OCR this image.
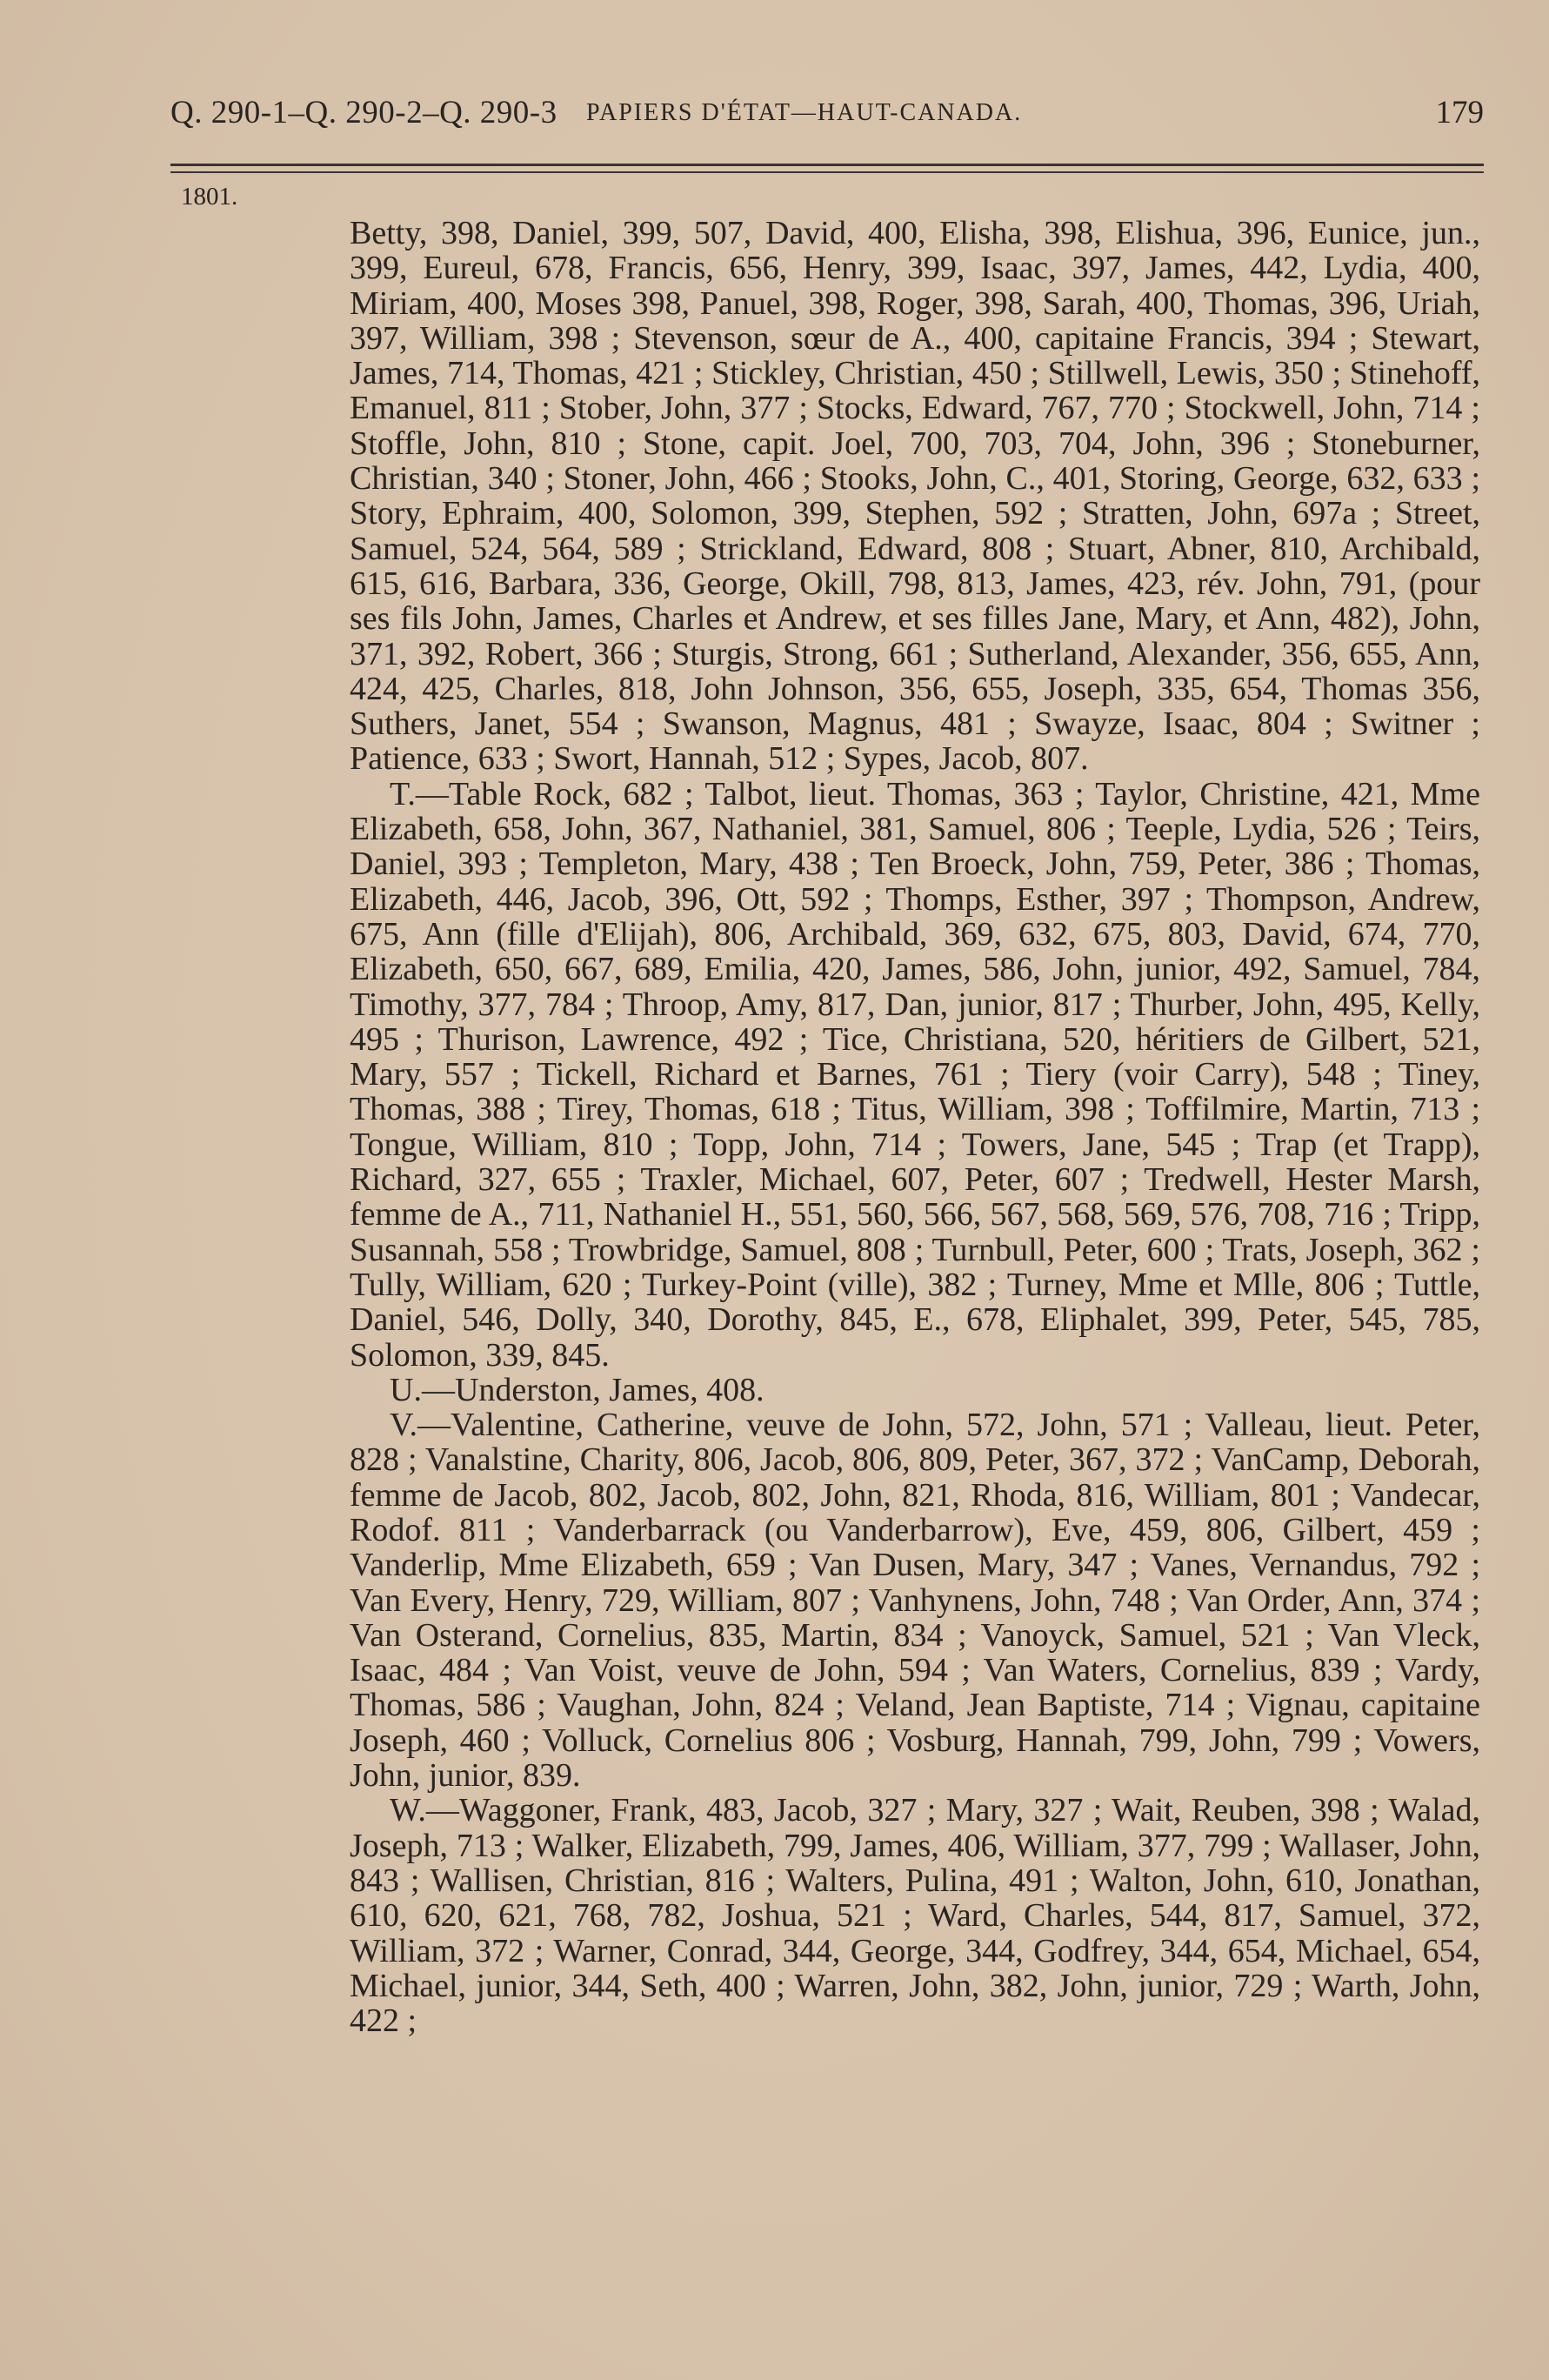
Q. 290-1–Q. 290-2–Q. 290-3 PAPIERS D'ÉTAT—HAUT-CANADA.	179
1801.

Betty, 398, Daniel, 399, 507, David, 400, Elisha, 398, Elishua, 396, Eunice, jun., 399, Eureul, 678, Francis, 656, Henry, 399, Isaac, 397, James, 442, Lydia, 400, Miriam, 400, Moses 398, Panuel, 398, Roger, 398, Sarah, 400, Thomas, 396, Uriah, 397, William, 398 ; Stevenson, sœur de A., 400, capitaine Francis, 394 ; Stewart, James, 714, Thomas, 421 ; Stickley, Christian, 450 ; Stillwell, Lewis, 350 ; Stinehoff, Emanuel, 811 ; Stober, John, 377 ; Stocks, Edward, 767, 770 ; Stockwell, John, 714 ; Stoffle, John, 810 ; Stone, capit. Joel, 700, 703, 704, John, 396 ; Stoneburner, Christian, 340 ; Stoner, John, 466 ; Stooks, John, C., 401, Storing, George, 632, 633 ; Story, Ephraim, 400, Solomon, 399, Stephen, 592 ; Stratten, John, 697a ; Street, Samuel, 524, 564, 589 ; Strickland, Edward, 808 ; Stuart, Abner, 810, Archibald, 615, 616, Barbara, 336, George, Okill, 798, 813, James, 423, rév. John, 791, (pour ses fils John, James, Charles et Andrew, et ses filles Jane, Mary, et Ann, 482), John, 371, 392, Robert, 366 ; Sturgis, Strong, 661 ; Sutherland, Alexander, 356, 655, Ann, 424, 425, Charles, 818, John Johnson, 356, 655, Joseph, 335, 654, Thomas 356, Suthers, Janet, 554 ; Swanson, Magnus, 481 ; Swayze, Isaac, 804 ; Switner ; Patience, 633 ; Swort, Hannah, 512 ; Sypes, Jacob, 807.

T.—Table Rock, 682 ; Talbot, lieut. Thomas, 363 ; Taylor, Christine, 421, Mme Elizabeth, 658, John, 367, Nathaniel, 381, Samuel, 806 ; Teeple, Lydia, 526 ; Teirs, Daniel, 393 ; Templeton, Mary, 438 ; Ten Broeck, John, 759, Peter, 386 ; Thomas, Elizabeth, 446, Jacob, 396, Ott, 592 ; Thomps, Esther, 397 ; Thompson, Andrew, 675, Ann (fille d'Elijah), 806, Archibald, 369, 632, 675, 803, David, 674, 770, Elizabeth, 650, 667, 689, Emilia, 420, James, 586, John, junior, 492, Samuel, 784, Timothy, 377, 784 ; Throop, Amy, 817, Dan, junior, 817 ; Thurber, John, 495, Kelly, 495 ; Thurison, Lawrence, 492 ; Tice, Christiana, 520, héritiers de Gilbert, 521, Mary, 557 ; Tickell, Richard et Barnes, 761 ; Tiery (voir Carry), 548 ; Tiney, Thomas, 388 ; Tirey, Thomas, 618 ; Titus, William, 398 ; Toffilmire, Martin, 713 ; Tongue, William, 810 ; Topp, John, 714 ; Towers, Jane, 545 ; Trap (et Trapp), Richard, 327, 655 ; Traxler, Michael, 607, Peter, 607 ; Tredwell, Hester Marsh, femme de A., 711, Nathaniel H., 551, 560, 566, 567, 568, 569, 576, 708, 716 ; Tripp, Susannah, 558 ; Trowbridge, Samuel, 808 ; Turnbull, Peter, 600 ; Trats, Joseph, 362 ; Tully, William, 620 ; Turkey-Point (ville), 382 ; Turney, Mme et Mlle, 806 ; Tuttle, Daniel, 546, Dolly, 340, Dorothy, 845, E., 678, Eliphalet, 399, Peter, 545, 785, Solomon, 339, 845.

U.—Underston, James, 408.

V.—Valentine, Catherine, veuve de John, 572, John, 571 ; Valleau, lieut. Peter, 828 ; Vanalstine, Charity, 806, Jacob, 806, 809, Peter, 367, 372 ; VanCamp, Deborah, femme de Jacob, 802, Jacob, 802, John, 821, Rhoda, 816, William, 801 ; Vandecar, Rodof. 811 ; Vanderbarrack (ou Vanderbarrow), Eve, 459, 806, Gilbert, 459 ; Vanderlip, Mme Elizabeth, 659 ; Van Dusen, Mary, 347 ; Vanes, Vernandus, 792 ; Van Every, Henry, 729, William, 807 ; Vanhynens, John, 748 ; Van Order, Ann, 374 ; Van Osterand, Cornelius, 835, Martin, 834 ; Vanoyck, Samuel, 521 ; Van Vleck, Isaac, 484 ; Van Voist, veuve de John, 594 ; Van Waters, Cornelius, 839 ; Vardy, Thomas, 586 ; Vaughan, John, 824 ; Veland, Jean Baptiste, 714 ; Vignau, capitaine Joseph, 460 ; Volluck, Cornelius 806 ; Vosburg, Hannah, 799, John, 799 ; Vowers, John, junior, 839.

W.—Waggoner, Frank, 483, Jacob, 327 ; Mary, 327 ; Wait, Reuben, 398 ; Walad, Joseph, 713 ; Walker, Elizabeth, 799, James, 406, William, 377, 799 ; Wallaser, John, 843 ; Wallisen, Christian, 816 ; Walters, Pulina, 491 ; Walton, John, 610, Jonathan, 610, 620, 621, 768, 782, Joshua, 521 ; Ward, Charles, 544, 817, Samuel, 372, William, 372 ; Warner, Conrad, 344, George, 344, Godfrey, 344, 654, Michael, 654, Michael, junior, 344, Seth, 400 ; Warren, John, 382, John, junior, 729 ; Warth, John, 422 ;
